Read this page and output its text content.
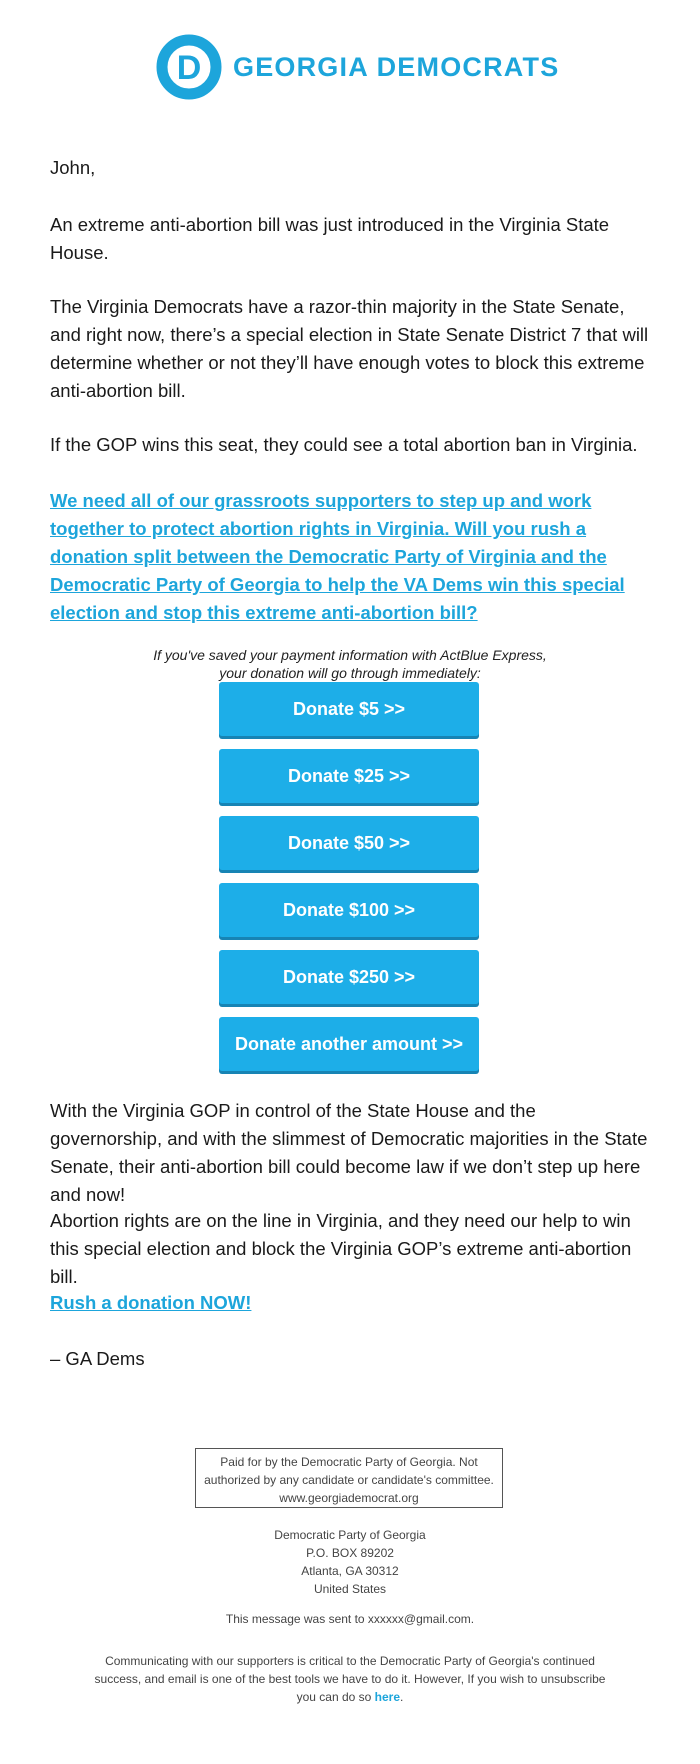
D GEORGIA DEMOCRATS

John,

An extreme anti-abortion bill was just introduced in the Virginia State House.

The Virginia Democrats have a razor-thin majority in the State Senate, and right now, there’s a special election in State Senate District 7 that will determine whether or not they’ll have enough votes to block this extreme anti-abortion bill.

If the GOP wins this seat, they could see a total abortion ban in Virginia.

We need all of our grassroots supporters to step up and work together to protect abortion rights in Virginia. Will you rush a donation split between the Democratic Party of Virginia and the Democratic Party of Georgia to help the VA Dems win this special election and stop this extreme anti-abortion bill?

If you've saved your payment information with ActBlue Express,
your donation will go through immediately:
Donate $5 >>
Donate $25 >>
Donate $50 >>
Donate $100 >>
Donate $250 >>
Donate another amount >>

With the Virginia GOP in control of the State House and the governorship, and with the slimmest of Democratic majorities in the State Senate, their anti-abortion bill could become law if we don’t step up here and now!

Abortion rights are on the line in Virginia, and they need our help to win this special election and block the Virginia GOP’s extreme anti-abortion bill.

Rush a donation NOW!

– GA Dems

Paid for by the Democratic Party of Georgia. Not
authorized by any candidate or candidate's committee.
www.georgiademocrat.org
Democratic Party of Georgia
P.O. BOX 89202
Atlanta, GA 30312
United States
This message was sent to xxxxxx@gmail.com.
Communicating with our supporters is critical to the Democratic Party of Georgia's continued success, and email is one of the best tools we have to do it. However, If you wish to unsubscribe you can do so here.
